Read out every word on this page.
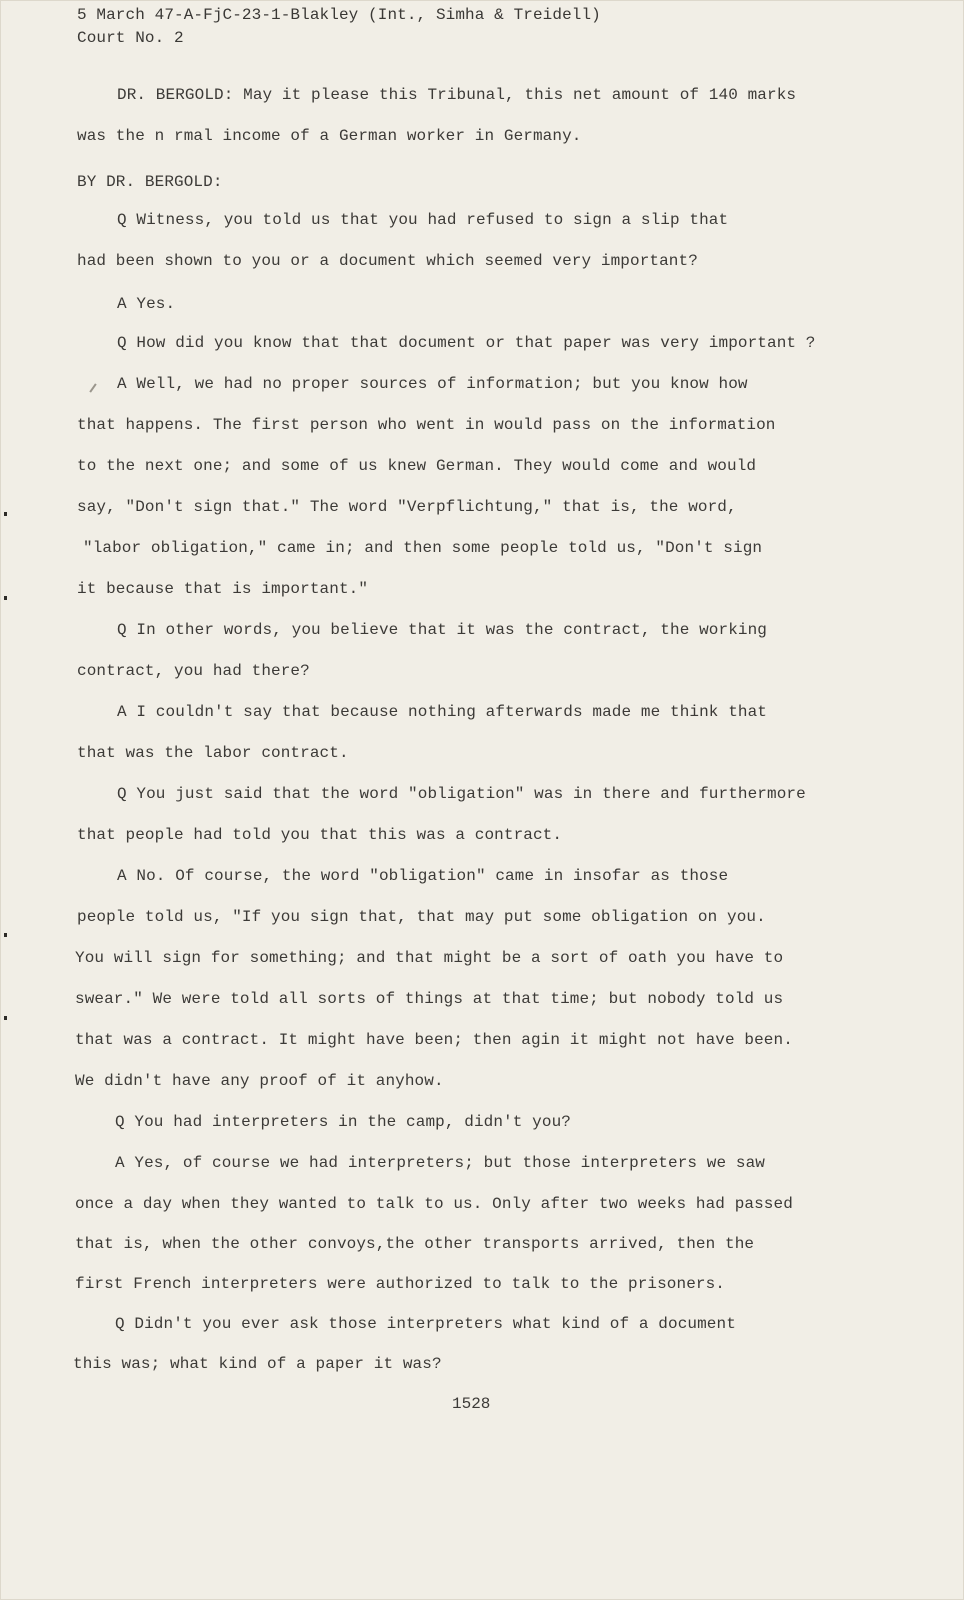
5 March 47-A-FjC-23-1-Blakley (Int., Simha & Treidell)
Court No. 2
DR. BERGOLD: May it please this Tribunal, this net amount of 140 marks
was the n rmal income of a German worker in Germany.
BY DR. BERGOLD:
Q Witness, you told us that you had refused to sign a slip that
had been shown to you or a document which seemed very important?
A Yes.
Q How did you know that that document or that paper was very important ?
A Well, we had no proper sources of information; but you know how
that happens. The first person who went in would pass on the information
to the next one; and some of us knew German. They would come and would
say, "Don't sign that." The word "Verpflichtung," that is, the word,
"labor obligation," came in; and then some people told us, "Don't sign
it because that is important."
Q In other words, you believe that it was the contract, the working
contract, you had there?
A I couldn't say that because nothing afterwards made me think that
that was the labor contract.
Q You just said that the word "obligation" was in there and furthermore
that people had told you that this was a contract.
A No. Of course, the word "obligation" came in insofar as those
people told us, "If you sign that, that may put some obligation on you.
You will sign for something; and that might be a sort of oath you have to
swear." We were told all sorts of things at that time; but nobody told us
that was a contract. It might have been; then agin it might not have been.
We didn't have any proof of it anyhow.
Q You had interpreters in the camp, didn't you?
A Yes, of course we had interpreters; but those interpreters we saw
once a day when they wanted to talk to us. Only after two weeks had passed
that is, when the other convoys,the other transports arrived, then the
first French interpreters were authorized to talk to the prisoners.
Q Didn't you ever ask those interpreters what kind of a document
this was; what kind of a paper it was?
1528
